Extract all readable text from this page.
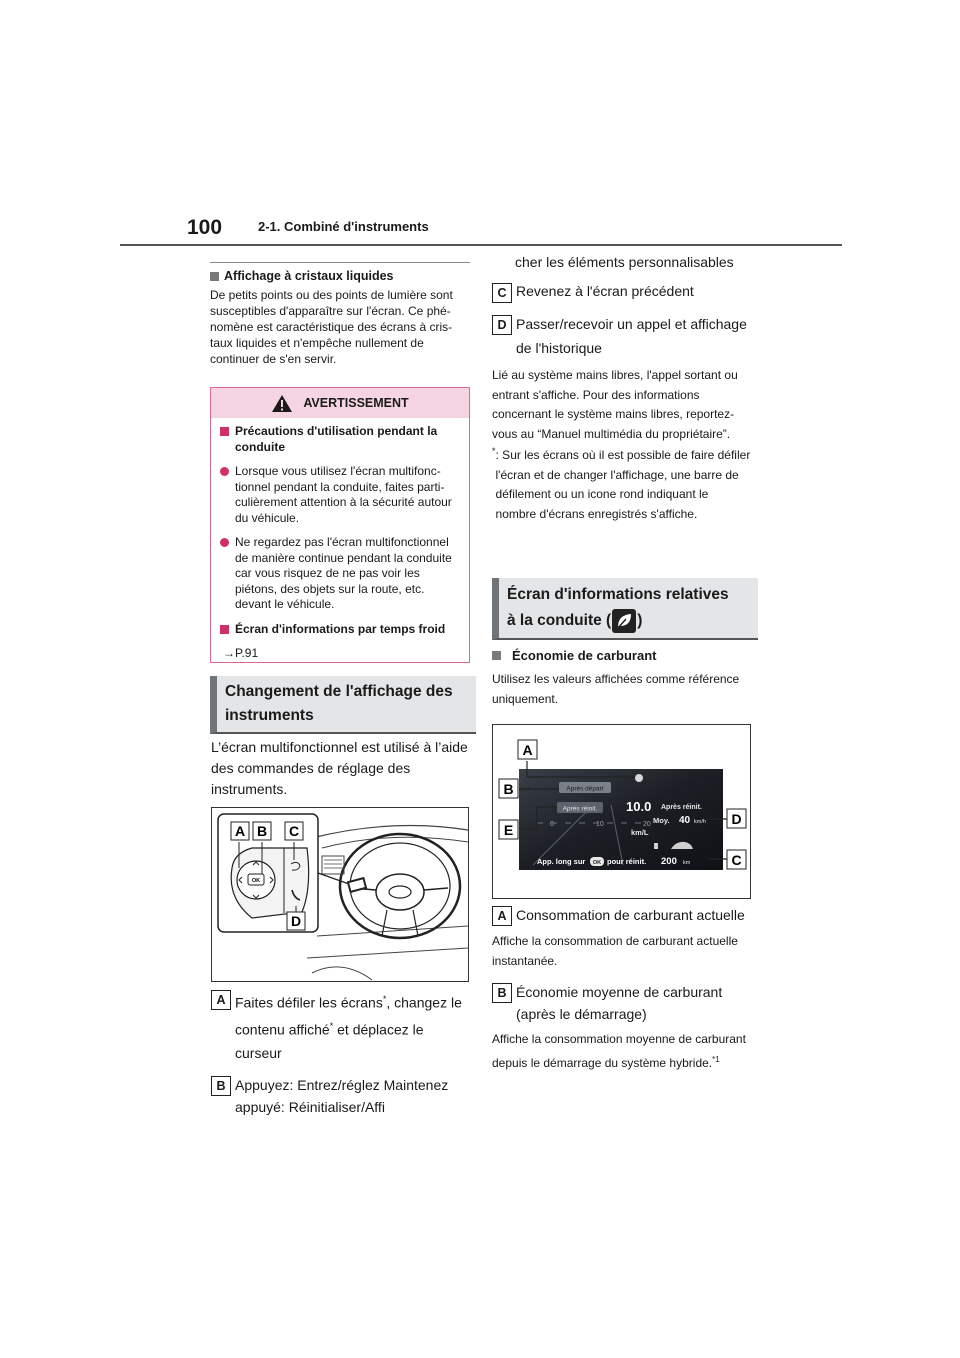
100	2-1. Combiné d'instruments
Affichage à cristaux liquides

De petits points ou des points de lumière sont susceptibles d'apparaître sur l'écran. Ce phénomène est caractéristique des écrans à cristaux liquides et n'empêche nullement de continuer de s'en servir.

AVERTISSEMENT
Précautions d'utilisation pendant la conduite
Lorsque vous utilisez l'écran multifonctionnel pendant la conduite, faites particulièrement attention à la sécurité autour du véhicule.
Ne regardez pas l'écran multifonctionnel de manière continue pendant la conduite car vous risquez de ne pas voir les piétons, des objets sur la route, etc. devant le véhicule.
Écran d'informations par temps froid
→P.91
Changement de l'affichage des instruments
L’écran multifonctionnel est utilisé à l’aide des commandes de réglage des instruments.
OK
A B C
D
A Faites défiler les écrans*, changez le contenu affiché* et déplacez le curseur
B Appuyez: Entrez/réglez Maintenez appuyé: Réinitialiser/Affi
cher les éléments personnalisables
C Revenez à l'écran précédent
D Passer/recevoir un appel et affichage de l'historique
Lié au système mains libres, l'appel sortant ou entrant s'affiche. Pour des informations concernant le système mains libres, reportez-vous au “Manuel multimédia du propriétaire”.
* : Sur les écrans où il est possible de faire défiler l'écran et de changer l'affichage, une barre de défilement ou un icone rond indiquant le nombre d'écrans enregistrés s'affiche.
Écran d'informations relatives
à la conduite ( )
Économie de carburant
Utilisez les valeurs affichées comme référence uniquement.
Après départ
Après réinit. 10.0
0	10	20
km/L
Après réinit.
Moy. 40 km/h
App. long sur OK pour réinit. 200 km
A
B
C
D
E
A Consommation de carburant actuelle
Affiche la consommation de carburant actuelle instantanée.
B Économie moyenne de carburant (après le démarrage)
Affiche la consommation moyenne de carburant depuis le démarrage du système hybride.$^{*1}$
